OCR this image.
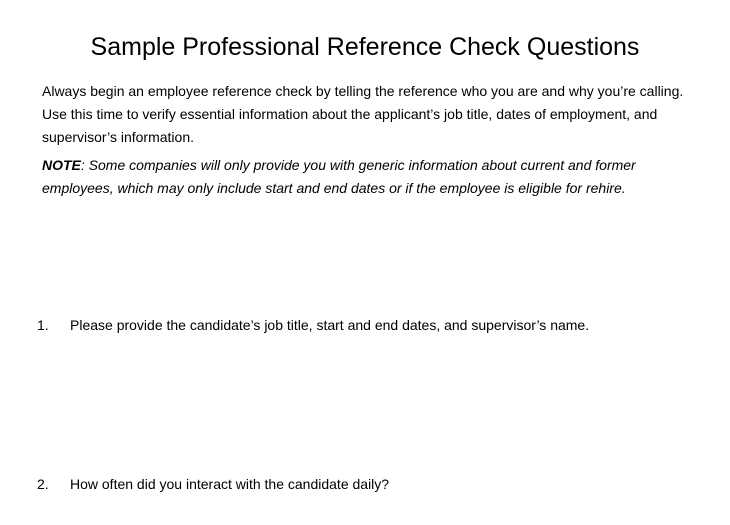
Sample Professional Reference Check Questions

Always begin an employee reference check by telling the reference who you are and why you’re calling. Use this time to verify essential information about the applicant’s job title, dates of employment, and supervisor’s information.

NOTE: Some companies will only provide you with generic information about current and former employees, which may only include start and end dates or if the employee is eligible for rehire.

1. Please provide the candidate’s job title, start and end dates, and supervisor’s name.

2. How often did you interact with the candidate daily?
